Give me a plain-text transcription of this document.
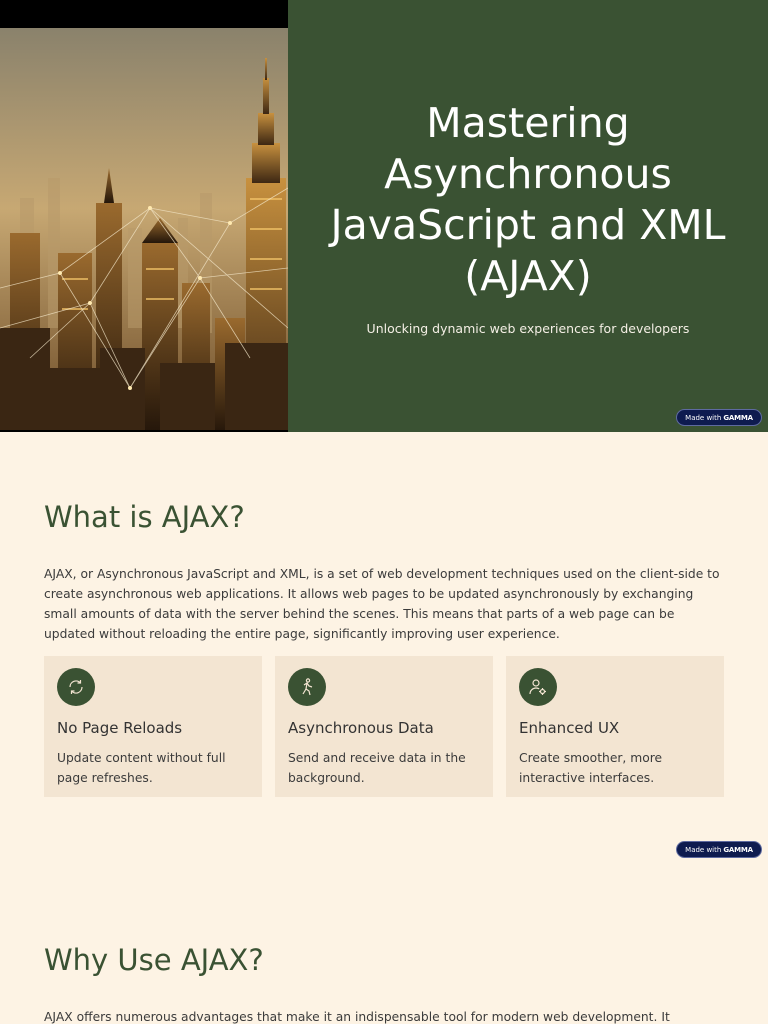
Mastering Asynchronous JavaScript and XML (AJAX)

Unlocking dynamic web experiences for developers

Made with GAMMA
What is AJAX?

AJAX, or Asynchronous JavaScript and XML, is a set of web development techniques used on the client-side to create asynchronous web applications. It allows web pages to be updated asynchronously by exchanging small amounts of data with the server behind the scenes. This means that parts of a web page can be updated without reloading the entire page, significantly improving user experience.

No Page Reloads

Update content without full page refreshes.

Asynchronous Data

Send and receive data in the background.

Enhanced UX

Create smoother, more interactive interfaces.

Made with GAMMA
Why Use AJAX?

AJAX offers numerous advantages that make it an indispensable tool for modern web development. It
